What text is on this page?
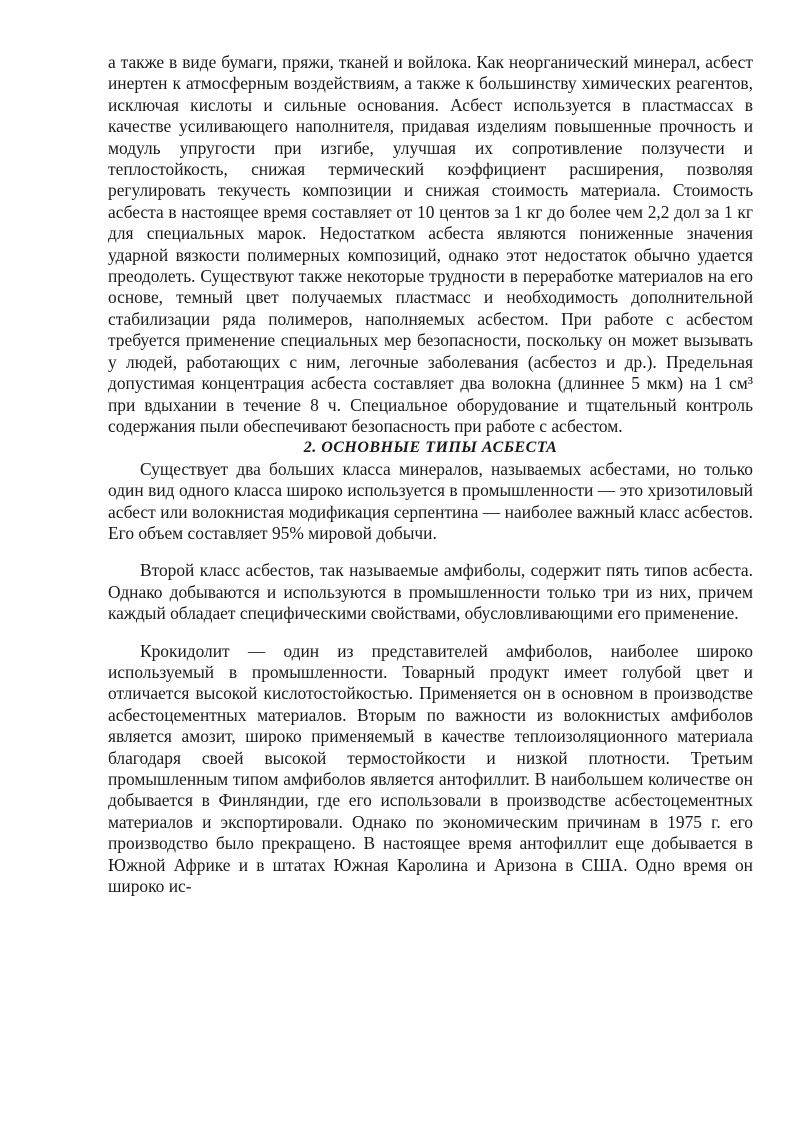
а также в виде бумаги, пряжи, тканей и войлока. Как неорганический минерал, асбест инертен к атмосферным воздействиям, а также к большинству химических реагентов, исключая кислоты и сильные основания. Асбест используется в пластмассах в качестве усиливающего наполнителя, придавая изделиям повышенные прочность и модуль упругости при изгибе, улучшая их сопротивление ползучести и теплостойкость, снижая термический коэффициент расширения, позволяя регулировать текучесть композиции и снижая стоимость материала. Стоимость асбеста в настоящее время составляет от 10 центов за 1 кг до более чем 2,2 дол за 1 кг для специальных марок. Недостатком асбеста являются пониженные значения ударной вязкости полимерных композиций, однако этот недостаток обычно удается преодолеть. Существуют также некоторые трудности в переработке материалов на его основе, темный цвет получаемых пластмасс и необходимость дополнительной стабилизации ряда полимеров, наполняемых асбестом. При работе с асбестом требуется применение специальных мер безопасности, поскольку он может вызывать у людей, работающих с ним, легочные заболевания (асбестоз и др.). Предельная допустимая концентрация асбеста составляет два волокна (длиннее 5 мкм) на 1 см³ при вдыхании в течение 8 ч. Специальное оборудование и тщательный контроль содержания пыли обеспечивают безопасность при работе с асбестом.

2. ОСНОВНЫЕ ТИПЫ АСБЕСТА

Существует два больших класса минералов, называемых асбестами, но только один вид одного класса широко используется в промышленности — это хризотиловый асбест или волокнистая модификация серпентина — наиболее важный класс асбестов. Его объем составляет 95% мировой добычи.

Второй класс асбестов, так называемые амфиболы, содержит пять типов асбеста. Однако добываются и используются в промышленности только три из них, причем каждый обладает специфическими свойствами, обусловливающими его применение.

Крокидолит — один из представителей амфиболов, наиболее широко используемый в промышленности. Товарный продукт имеет голубой цвет и отличается высокой кислотостойкостью. Применяется он в основном в производстве асбестоцементных материалов. Вторым по важности из волокнистых амфиболов является амозит, широко применяемый в качестве теплоизоляционного материала благодаря своей высокой термостойкости и низкой плотности. Третьим промышленным типом амфиболов является антофиллит. В наибольшем количестве он добывается в Финляндии, где его использовали в производстве асбестоцементных материалов и экспортировали. Однако по экономическим причинам в 1975 г. его производство было прекращено. В настоящее время антофиллит еще добывается в Южной Африке и в штатах Южная Каролина и Аризона в США. Одно время он широко ис-
